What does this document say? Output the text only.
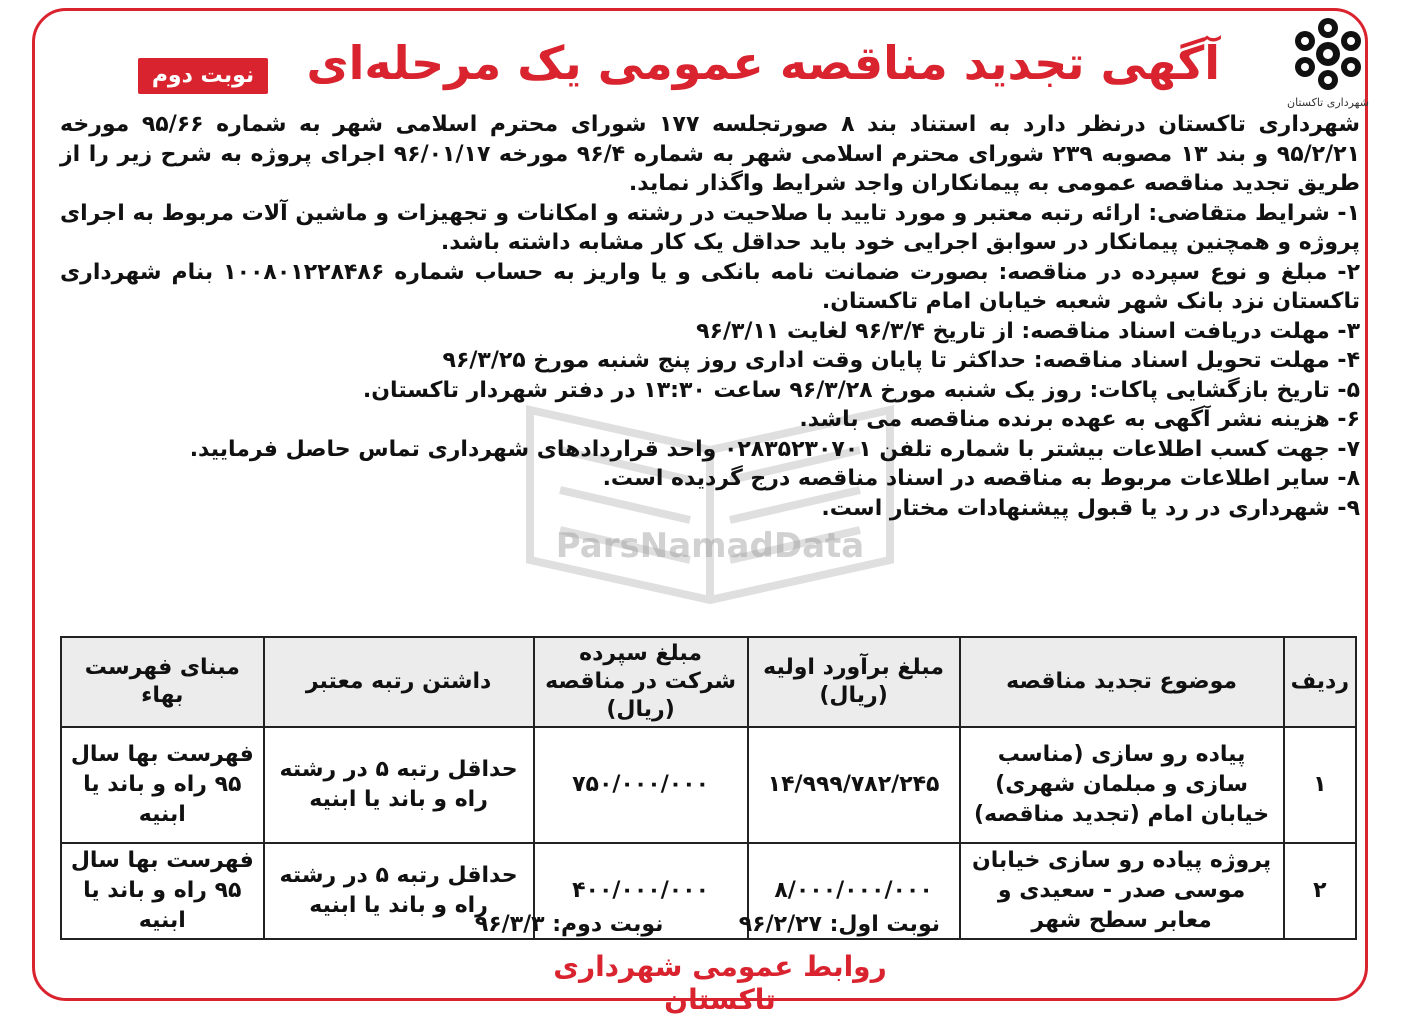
شهرداری تاکستان
آگهی تجدید مناقصه عمومی یک مرحله‌ای
نوبت دوم
ParsNamadData

شهرداری تاکستان درنظر دارد به استناد بند ۸ صورتجلسه ۱۷۷ شورای محترم اسلامی شهر به شماره ۹۵/۶۶ مورخه ۹۵/۲/۲۱ و بند ۱۳ مصوبه ۲۳۹ شورای محترم اسلامی شهر به شماره ۹۶/۴ مورخه ۹۶/۰۱/۱۷ اجرای پروژه به شرح زیر را از طریق تجدید مناقصه عمومی به پیمانکاران واجد شرایط واگذار نماید.

۱- شرایط متقاضی: ارائه رتبه معتبر و مورد تایید با صلاحیت در رشته و امکانات و تجهیزات و ماشین آلات مربوط به اجرای پروژه و همچنین پیمانکار در سوابق اجرایی خود باید حداقل یک کار مشابه داشته باشد.

۲- مبلغ و نوع سپرده در مناقصه: بصورت ضمانت نامه بانکی و یا واریز به حساب شماره ۱۰۰۸۰۱۲۲۸۴۸۶ بنام شهرداری تاکستان نزد بانک شهر شعبه خیابان امام تاکستان.

۳- مهلت دریافت اسناد مناقصه: از تاریخ ۹۶/۳/۴ لغایت ۹۶/۳/۱۱

۴- مهلت تحویل اسناد مناقصه: حداکثر تا پایان وقت اداری روز پنج شنبه مورخ ۹۶/۳/۲۵

۵- تاریخ بازگشایی پاکات: روز یک شنبه مورخ ۹۶/۳/۲۸ ساعت ۱۳:۳۰ در دفتر شهردار تاکستان.

۶- هزینه نشر آگهی به عهده برنده مناقصه می باشد.

۷- جهت کسب اطلاعات بیشتر با شماره تلفن ۰۲۸۳۵۲۳۰۷۰۱ واحد قراردادهای شهرداری تماس حاصل فرمایید.

۸- سایر اطلاعات مربوط به مناقصه در اسناد مناقصه درج گردیده است.

۹- شهرداری در رد یا قبول پیشنهادات مختار است.

ردیف	موضوع تجدید مناقصه	مبلغ برآورد اولیه (ریال)	مبلغ سپرده شرکت در مناقصه (ریال)	داشتن رتبه معتبر	مبنای فهرست بهاء
۱	پیاده رو سازی (مناسب سازی و مبلمان شهری) خیابان امام (تجدید مناقصه)	۱۴/۹۹۹/۷۸۲/۲۴۵	۷۵۰/۰۰۰/۰۰۰	حداقل رتبه ۵ در رشته راه و باند یا ابنیه	فهرست بها سال ۹۵ راه و باند یا ابنیه
۲	پروژه پیاده رو سازی خیابان موسی صدر - سعیدی و معابر سطح شهر	۸/۰۰۰/۰۰۰/۰۰۰	۴۰۰/۰۰۰/۰۰۰	حداقل رتبه ۵ در رشته راه و باند یا ابنیه	فهرست بها سال ۹۵ راه و باند یا ابنیه	نوبت اول: ۹۶/۲/۲۷  نوبت دوم: ۹۶/۳/۳
روابط عمومی شهرداری تاکستان
